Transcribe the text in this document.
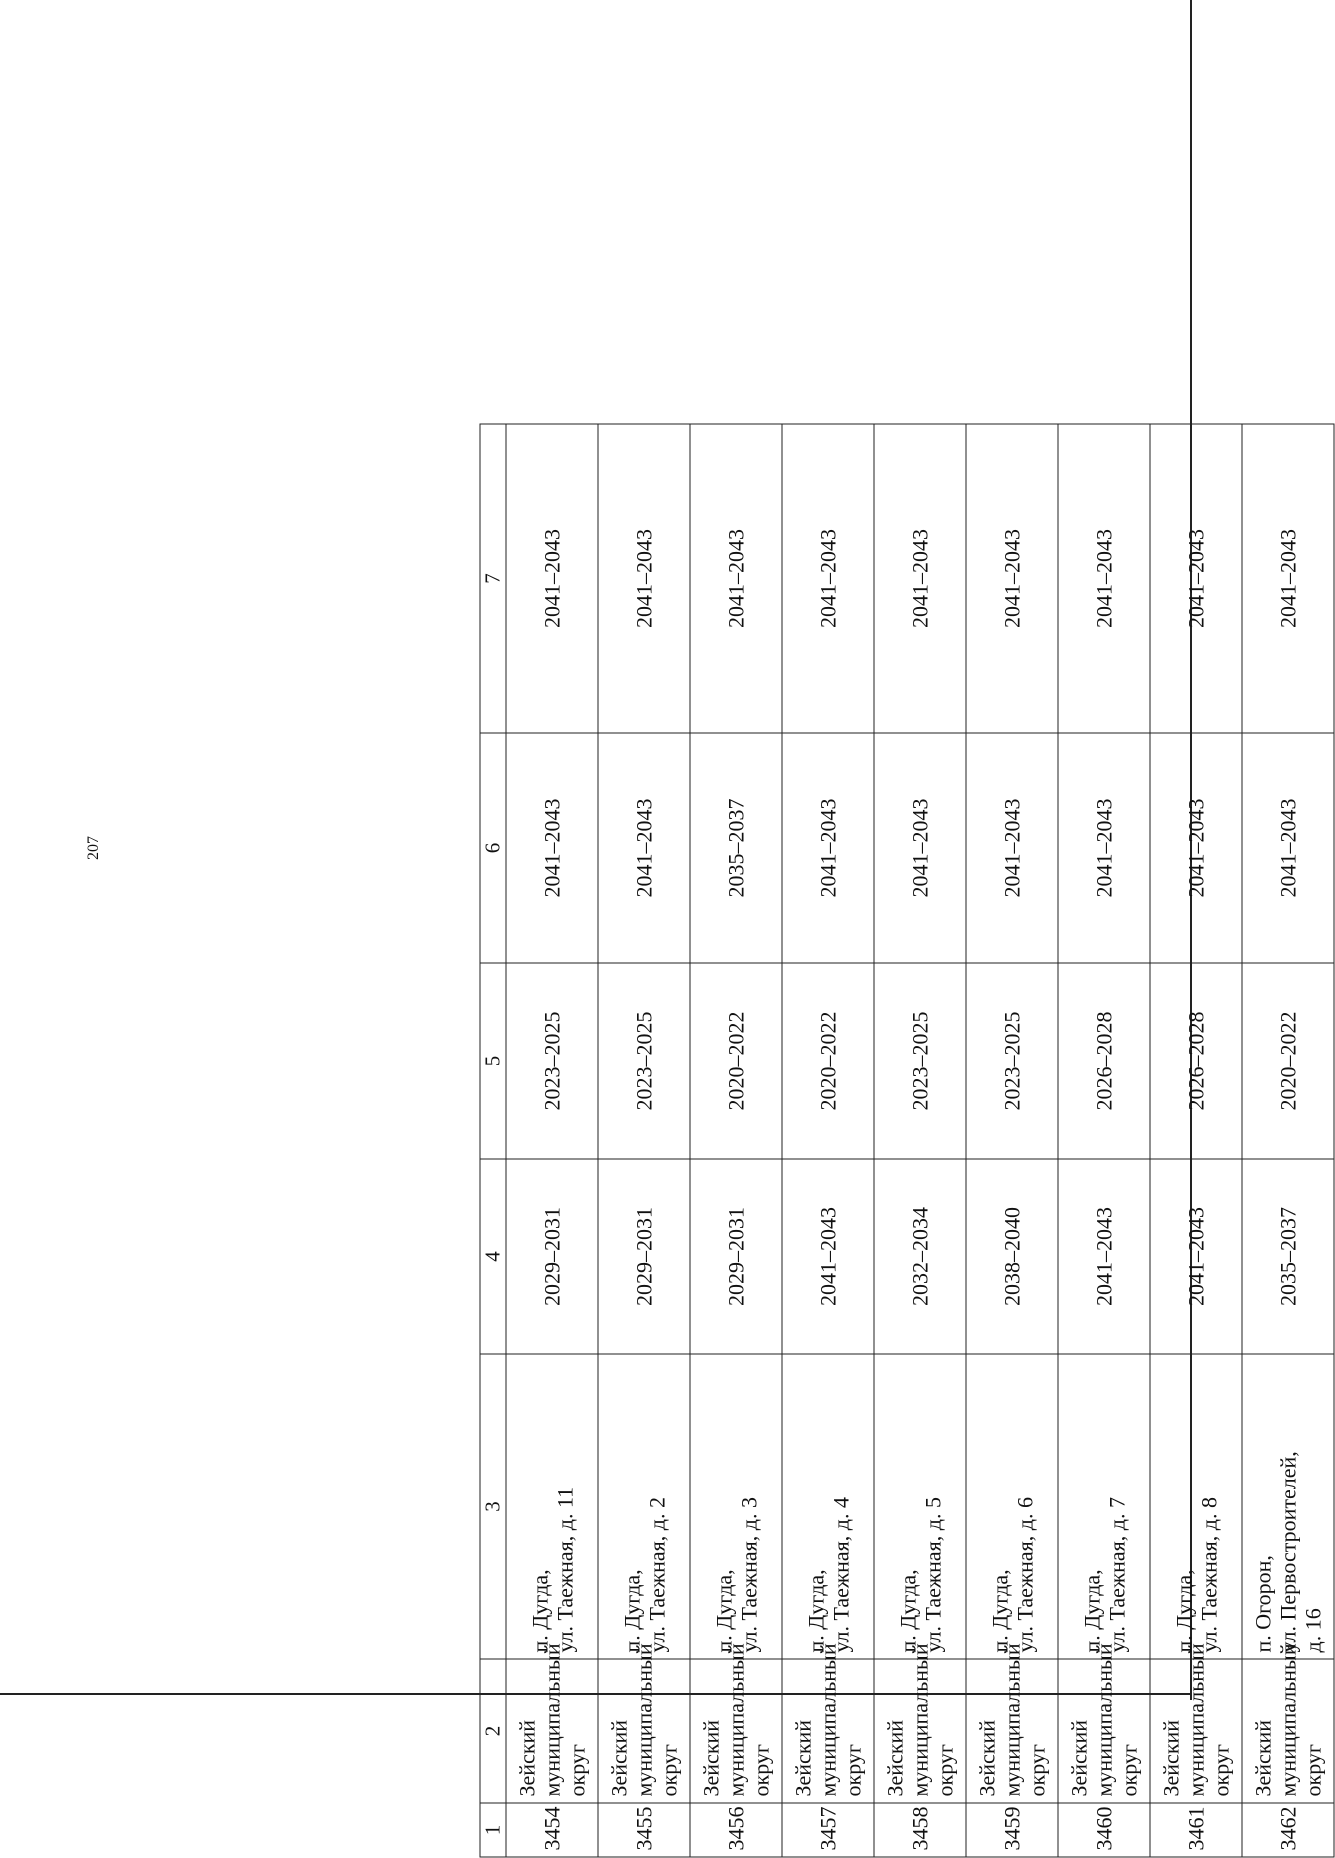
207
1	2	3	4	5	6	7
3454	Зейский муниципальный округ	п. Дугда,
ул. Таежная, д. 11	2029–2031	2023–2025	2041–2043	2041–2043
3455	Зейский муниципальный округ	п. Дугда,
ул. Таежная, д. 2	2029–2031	2023–2025	2041–2043	2041–2043
3456	Зейский муниципальный округ	п. Дугда,
ул. Таежная, д. 3	2029–2031	2020–2022	2035–2037	2041–2043
3457	Зейский муниципальный округ	п. Дугда,
ул. Таежная, д. 4	2041–2043	2020–2022	2041–2043	2041–2043
3458	Зейский муниципальный округ	п. Дугда,
ул. Таежная, д. 5	2032–2034	2023–2025	2041–2043	2041–2043
3459	Зейский муниципальный округ	п. Дугда,
ул. Таежная, д. 6	2038–2040	2023–2025	2041–2043	2041–2043
3460	Зейский муниципальный округ	п. Дугда,
ул. Таежная, д. 7	2041–2043	2026–2028	2041–2043	2041–2043
3461	Зейский муниципальный округ	п. Дугда,
ул. Таежная, д. 8	2041–2043	2026–2028	2041–2043	2041–2043
3462	Зейский муниципальный округ	п. Огорон,
ул. Первостроителей,
д. 16	2035–2037	2020–2022	2041–2043	2041–2043
